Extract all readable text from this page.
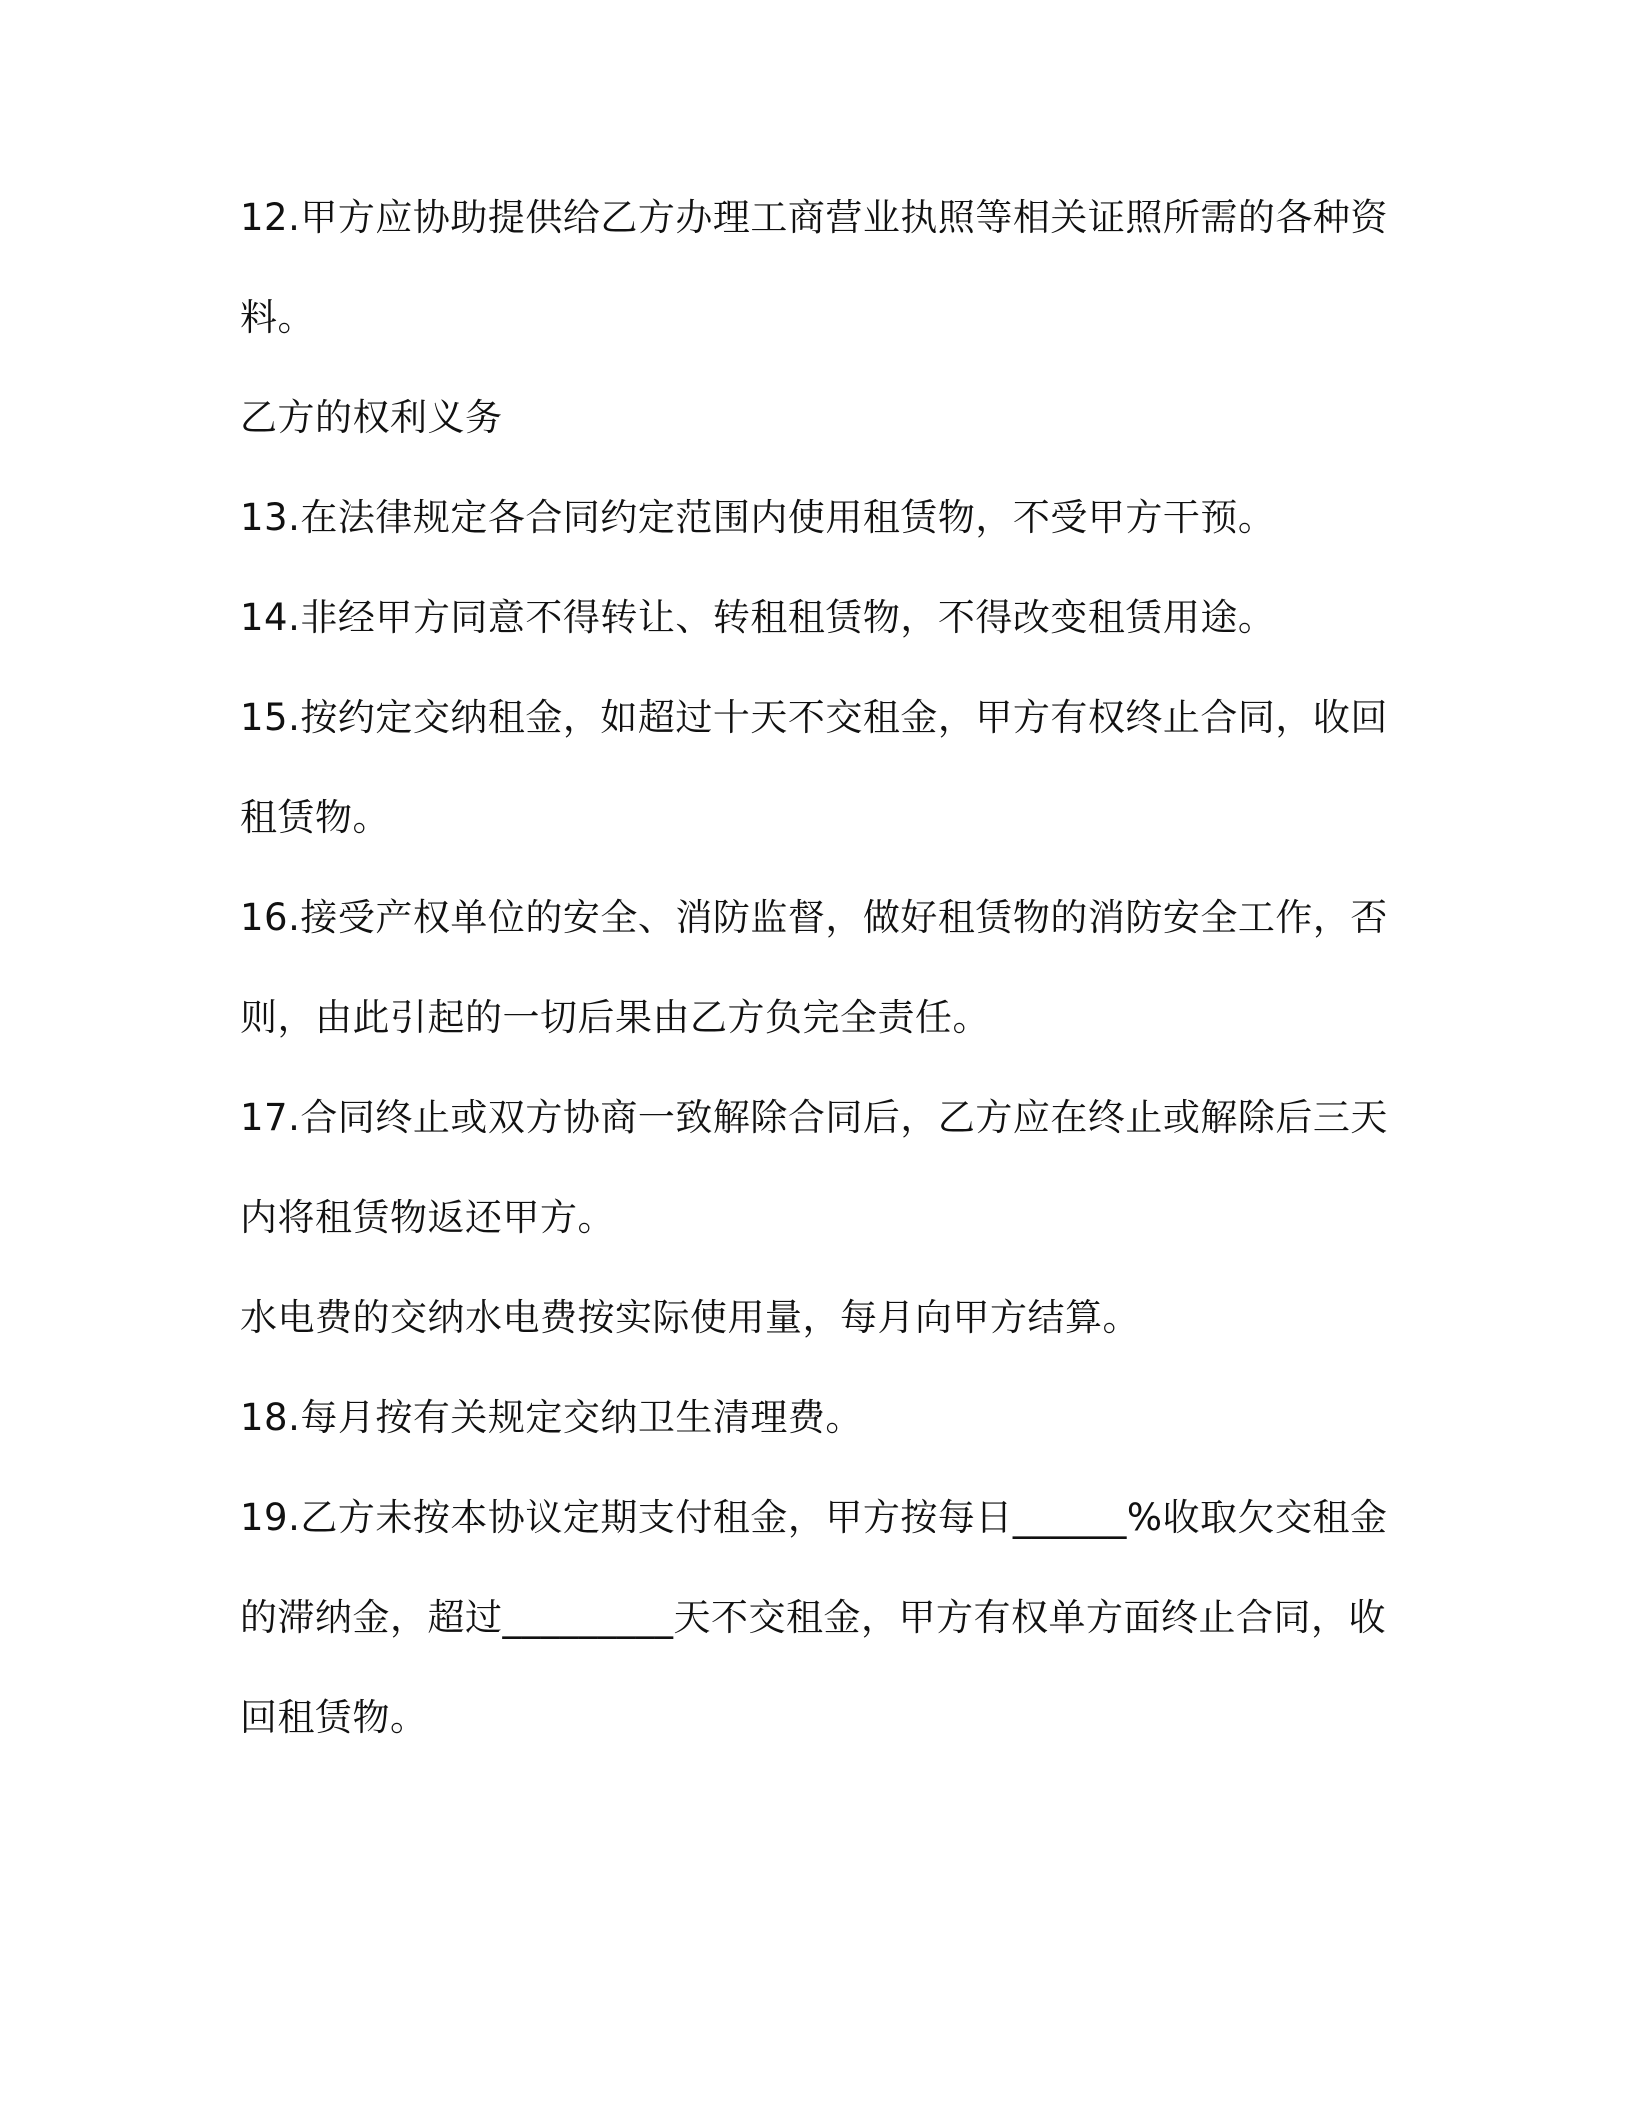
12.甲方应协助提供给乙方办理工商营业执照等相关证照所需的各种资

料。

乙方的权利义务

13.在法律规定各合同约定范围内使用租赁物，不受甲方干预。

14.非经甲方同意不得转让、转租租赁物，不得改变租赁用途。

15.按约定交纳租金，如超过十天不交租金，甲方有权终止合同，收回

租赁物。

16.接受产权单位的安全、消防监督，做好租赁物的消防安全工作，否

则，由此引起的一切后果由乙方负完全责任。

17.合同终止或双方协商一致解除合同后，乙方应在终止或解除后三天

内将租赁物返还甲方。

水电费的交纳水电费按实际使用量，每月向甲方结算。

18.每月按有关规定交纳卫生清理费。

19.乙方未按本协议定期支付租金，甲方按每日______%收取欠交租金

的滞纳金，超过_________天不交租金，甲方有权单方面终止合同，收

回租赁物。
